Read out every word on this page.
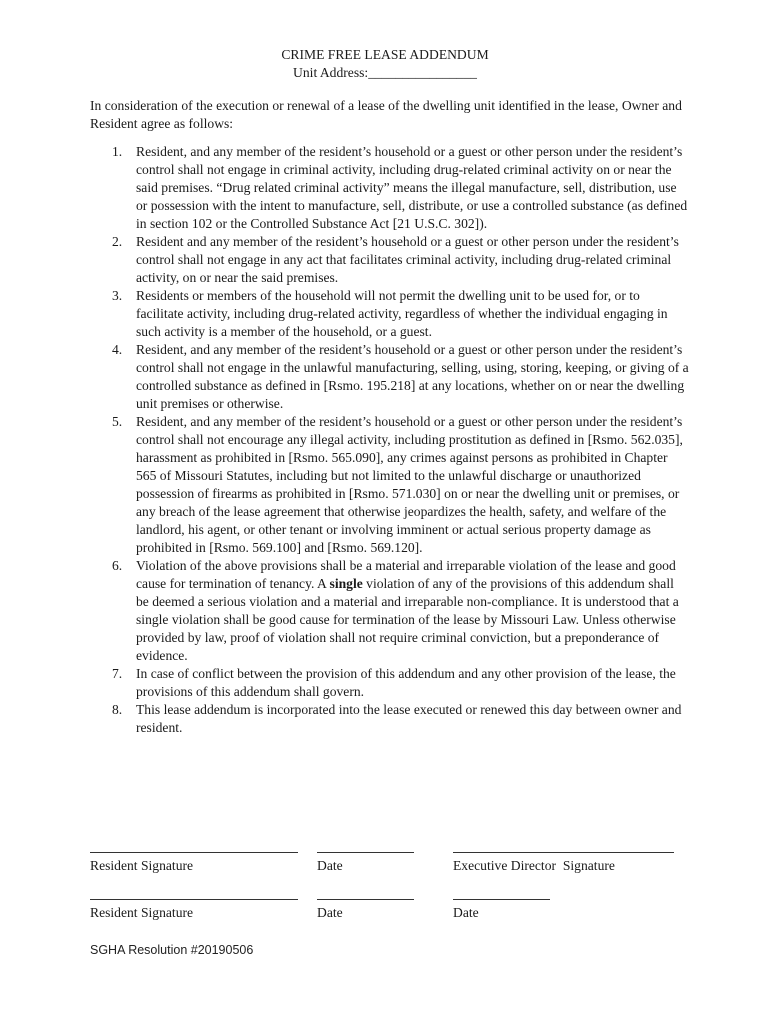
CRIME FREE LEASE ADDENDUM
Unit Address:________________
In consideration of the execution or renewal of a lease of the dwelling unit identified in the lease, Owner and Resident agree as follows:
1. Resident, and any member of the resident’s household or a guest or other person under the resident’s control shall not engage in criminal activity, including drug-related criminal activity on or near the said premises. “Drug related criminal activity” means the illegal manufacture, sell, distribution, use or possession with the intent to manufacture, sell, distribute, or use a controlled substance (as defined in section 102 or the Controlled Substance Act [21 U.S.C. 302]).
2. Resident and any member of the resident’s household or a guest or other person under the resident’s control shall not engage in any act that facilitates criminal activity, including drug-related criminal activity, on or near the said premises.
3. Residents or members of the household will not permit the dwelling unit to be used for, or to facilitate activity, including drug-related activity, regardless of whether the individual engaging in such activity is a member of the household, or a guest.
4. Resident, and any member of the resident’s household or a guest or other person under the resident’s control shall not engage in the unlawful manufacturing, selling, using, storing, keeping, or giving of a controlled substance as defined in [Rsmo. 195.218] at any locations, whether on or near the dwelling unit premises or otherwise.
5. Resident, and any member of the resident’s household or a guest or other person under the resident’s control shall not encourage any illegal activity, including prostitution as defined in [Rsmo. 562.035], harassment as prohibited in [Rsmo. 565.090], any crimes against persons as prohibited in Chapter 565 of Missouri Statutes, including but not limited to the unlawful discharge or unauthorized possession of firearms as prohibited in [Rsmo. 571.030] on or near the dwelling unit or premises, or any breach of the lease agreement that otherwise jeopardizes the health, safety, and welfare of the landlord, his agent, or other tenant or involving imminent or actual serious property damage as prohibited in [Rsmo. 569.100] and [Rsmo. 569.120].
6. Violation of the above provisions shall be a material and irreparable violation of the lease and good cause for termination of tenancy. A single violation of any of the provisions of this addendum shall be deemed a serious violation and a material and irreparable non-compliance. It is understood that a single violation shall be good cause for termination of the lease by Missouri Law. Unless otherwise provided by law, proof of violation shall not require criminal conviction, but a preponderance of evidence.
7. In case of conflict between the provision of this addendum and any other provision of the lease, the provisions of this addendum shall govern.
8. This lease addendum is incorporated into the lease executed or renewed this day between owner and resident.
Resident Signature	Date	Executive Director  Signature
Resident Signature	Date	Date
SGHA Resolution #20190506
